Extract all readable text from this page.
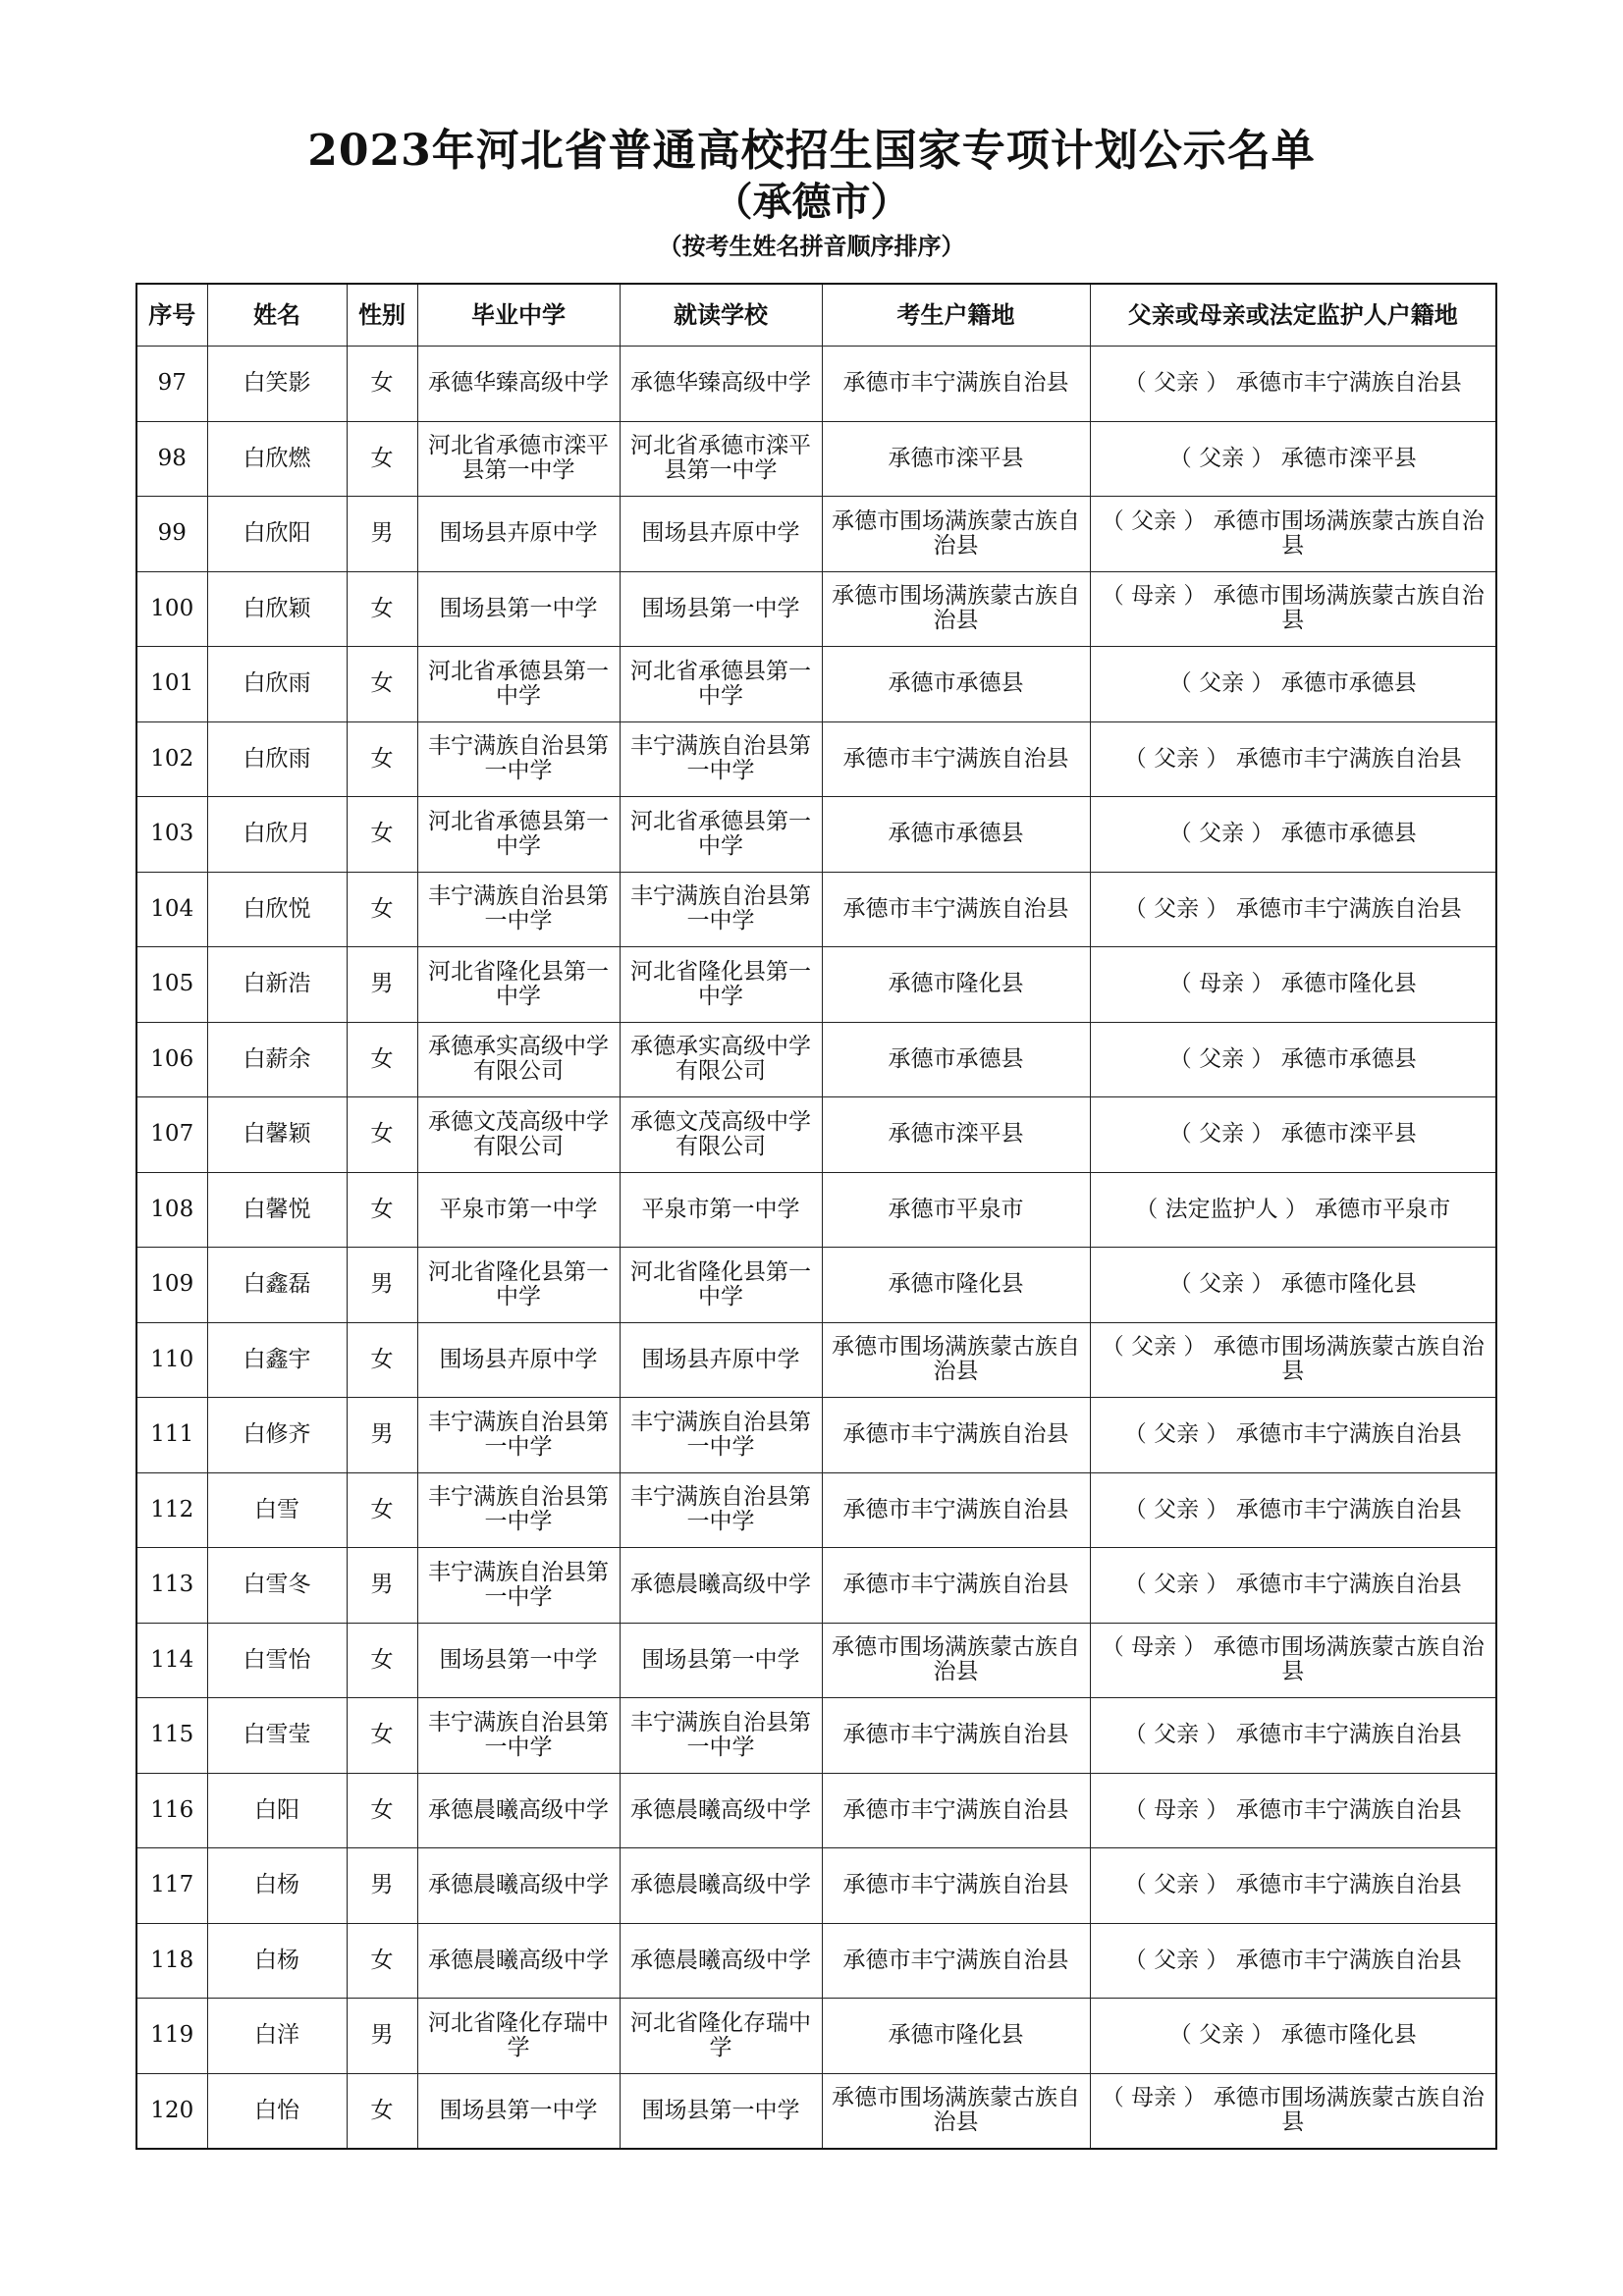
2023年河北省普通高校招生国家专项计划公示名单
（承德市）
（按考生姓名拼音顺序排序）
序号	姓名	性别	毕业中学	就读学校	考生户籍地	父亲或母亲或法定监护人户籍地
97	白笑影	女	承德华臻高级中学	承德华臻高级中学	承德市丰宁满族自治县	（ 父亲 ） 承德市丰宁满族自治县
98	白欣燃	女	河北省承德市滦平县第一中学	河北省承德市滦平县第一中学	承德市滦平县	（ 父亲 ） 承德市滦平县
99	白欣阳	男	围场县卉原中学	围场县卉原中学	承德市围场满族蒙古族自治县	（ 父亲 ） 承德市围场满族蒙古族自治县
100	白欣颖	女	围场县第一中学	围场县第一中学	承德市围场满族蒙古族自治县	（ 母亲 ） 承德市围场满族蒙古族自治县
101	白欣雨	女	河北省承德县第一中学	河北省承德县第一中学	承德市承德县	（ 父亲 ） 承德市承德县
102	白欣雨	女	丰宁满族自治县第一中学	丰宁满族自治县第一中学	承德市丰宁满族自治县	（ 父亲 ） 承德市丰宁满族自治县
103	白欣月	女	河北省承德县第一中学	河北省承德县第一中学	承德市承德县	（ 父亲 ） 承德市承德县
104	白欣悦	女	丰宁满族自治县第一中学	丰宁满族自治县第一中学	承德市丰宁满族自治县	（ 父亲 ） 承德市丰宁满族自治县
105	白新浩	男	河北省隆化县第一中学	河北省隆化县第一中学	承德市隆化县	（ 母亲 ） 承德市隆化县
106	白薪余	女	承德承实高级中学有限公司	承德承实高级中学有限公司	承德市承德县	（ 父亲 ） 承德市承德县
107	白馨颖	女	承德文茂高级中学有限公司	承德文茂高级中学有限公司	承德市滦平县	（ 父亲 ） 承德市滦平县
108	白馨悦	女	平泉市第一中学	平泉市第一中学	承德市平泉市	（ 法定监护人 ） 承德市平泉市
109	白鑫磊	男	河北省隆化县第一中学	河北省隆化县第一中学	承德市隆化县	（ 父亲 ） 承德市隆化县
110	白鑫宇	女	围场县卉原中学	围场县卉原中学	承德市围场满族蒙古族自治县	（ 父亲 ） 承德市围场满族蒙古族自治县
111	白修齐	男	丰宁满族自治县第一中学	丰宁满族自治县第一中学	承德市丰宁满族自治县	（ 父亲 ） 承德市丰宁满族自治县
112	白雪	女	丰宁满族自治县第一中学	丰宁满族自治县第一中学	承德市丰宁满族自治县	（ 父亲 ） 承德市丰宁满族自治县
113	白雪冬	男	丰宁满族自治县第一中学	承德晨曦高级中学	承德市丰宁满族自治县	（ 父亲 ） 承德市丰宁满族自治县
114	白雪怡	女	围场县第一中学	围场县第一中学	承德市围场满族蒙古族自治县	（ 母亲 ） 承德市围场满族蒙古族自治县
115	白雪莹	女	丰宁满族自治县第一中学	丰宁满族自治县第一中学	承德市丰宁满族自治县	（ 父亲 ） 承德市丰宁满族自治县
116	白阳	女	承德晨曦高级中学	承德晨曦高级中学	承德市丰宁满族自治县	（ 母亲 ） 承德市丰宁满族自治县
117	白杨	男	承德晨曦高级中学	承德晨曦高级中学	承德市丰宁满族自治县	（ 父亲 ） 承德市丰宁满族自治县
118	白杨	女	承德晨曦高级中学	承德晨曦高级中学	承德市丰宁满族自治县	（ 父亲 ） 承德市丰宁满族自治县
119	白洋	男	河北省隆化存瑞中学	河北省隆化存瑞中学	承德市隆化县	（ 父亲 ） 承德市隆化县
120	白怡	女	围场县第一中学	围场县第一中学	承德市围场满族蒙古族自治县	（ 母亲 ） 承德市围场满族蒙古族自治县
